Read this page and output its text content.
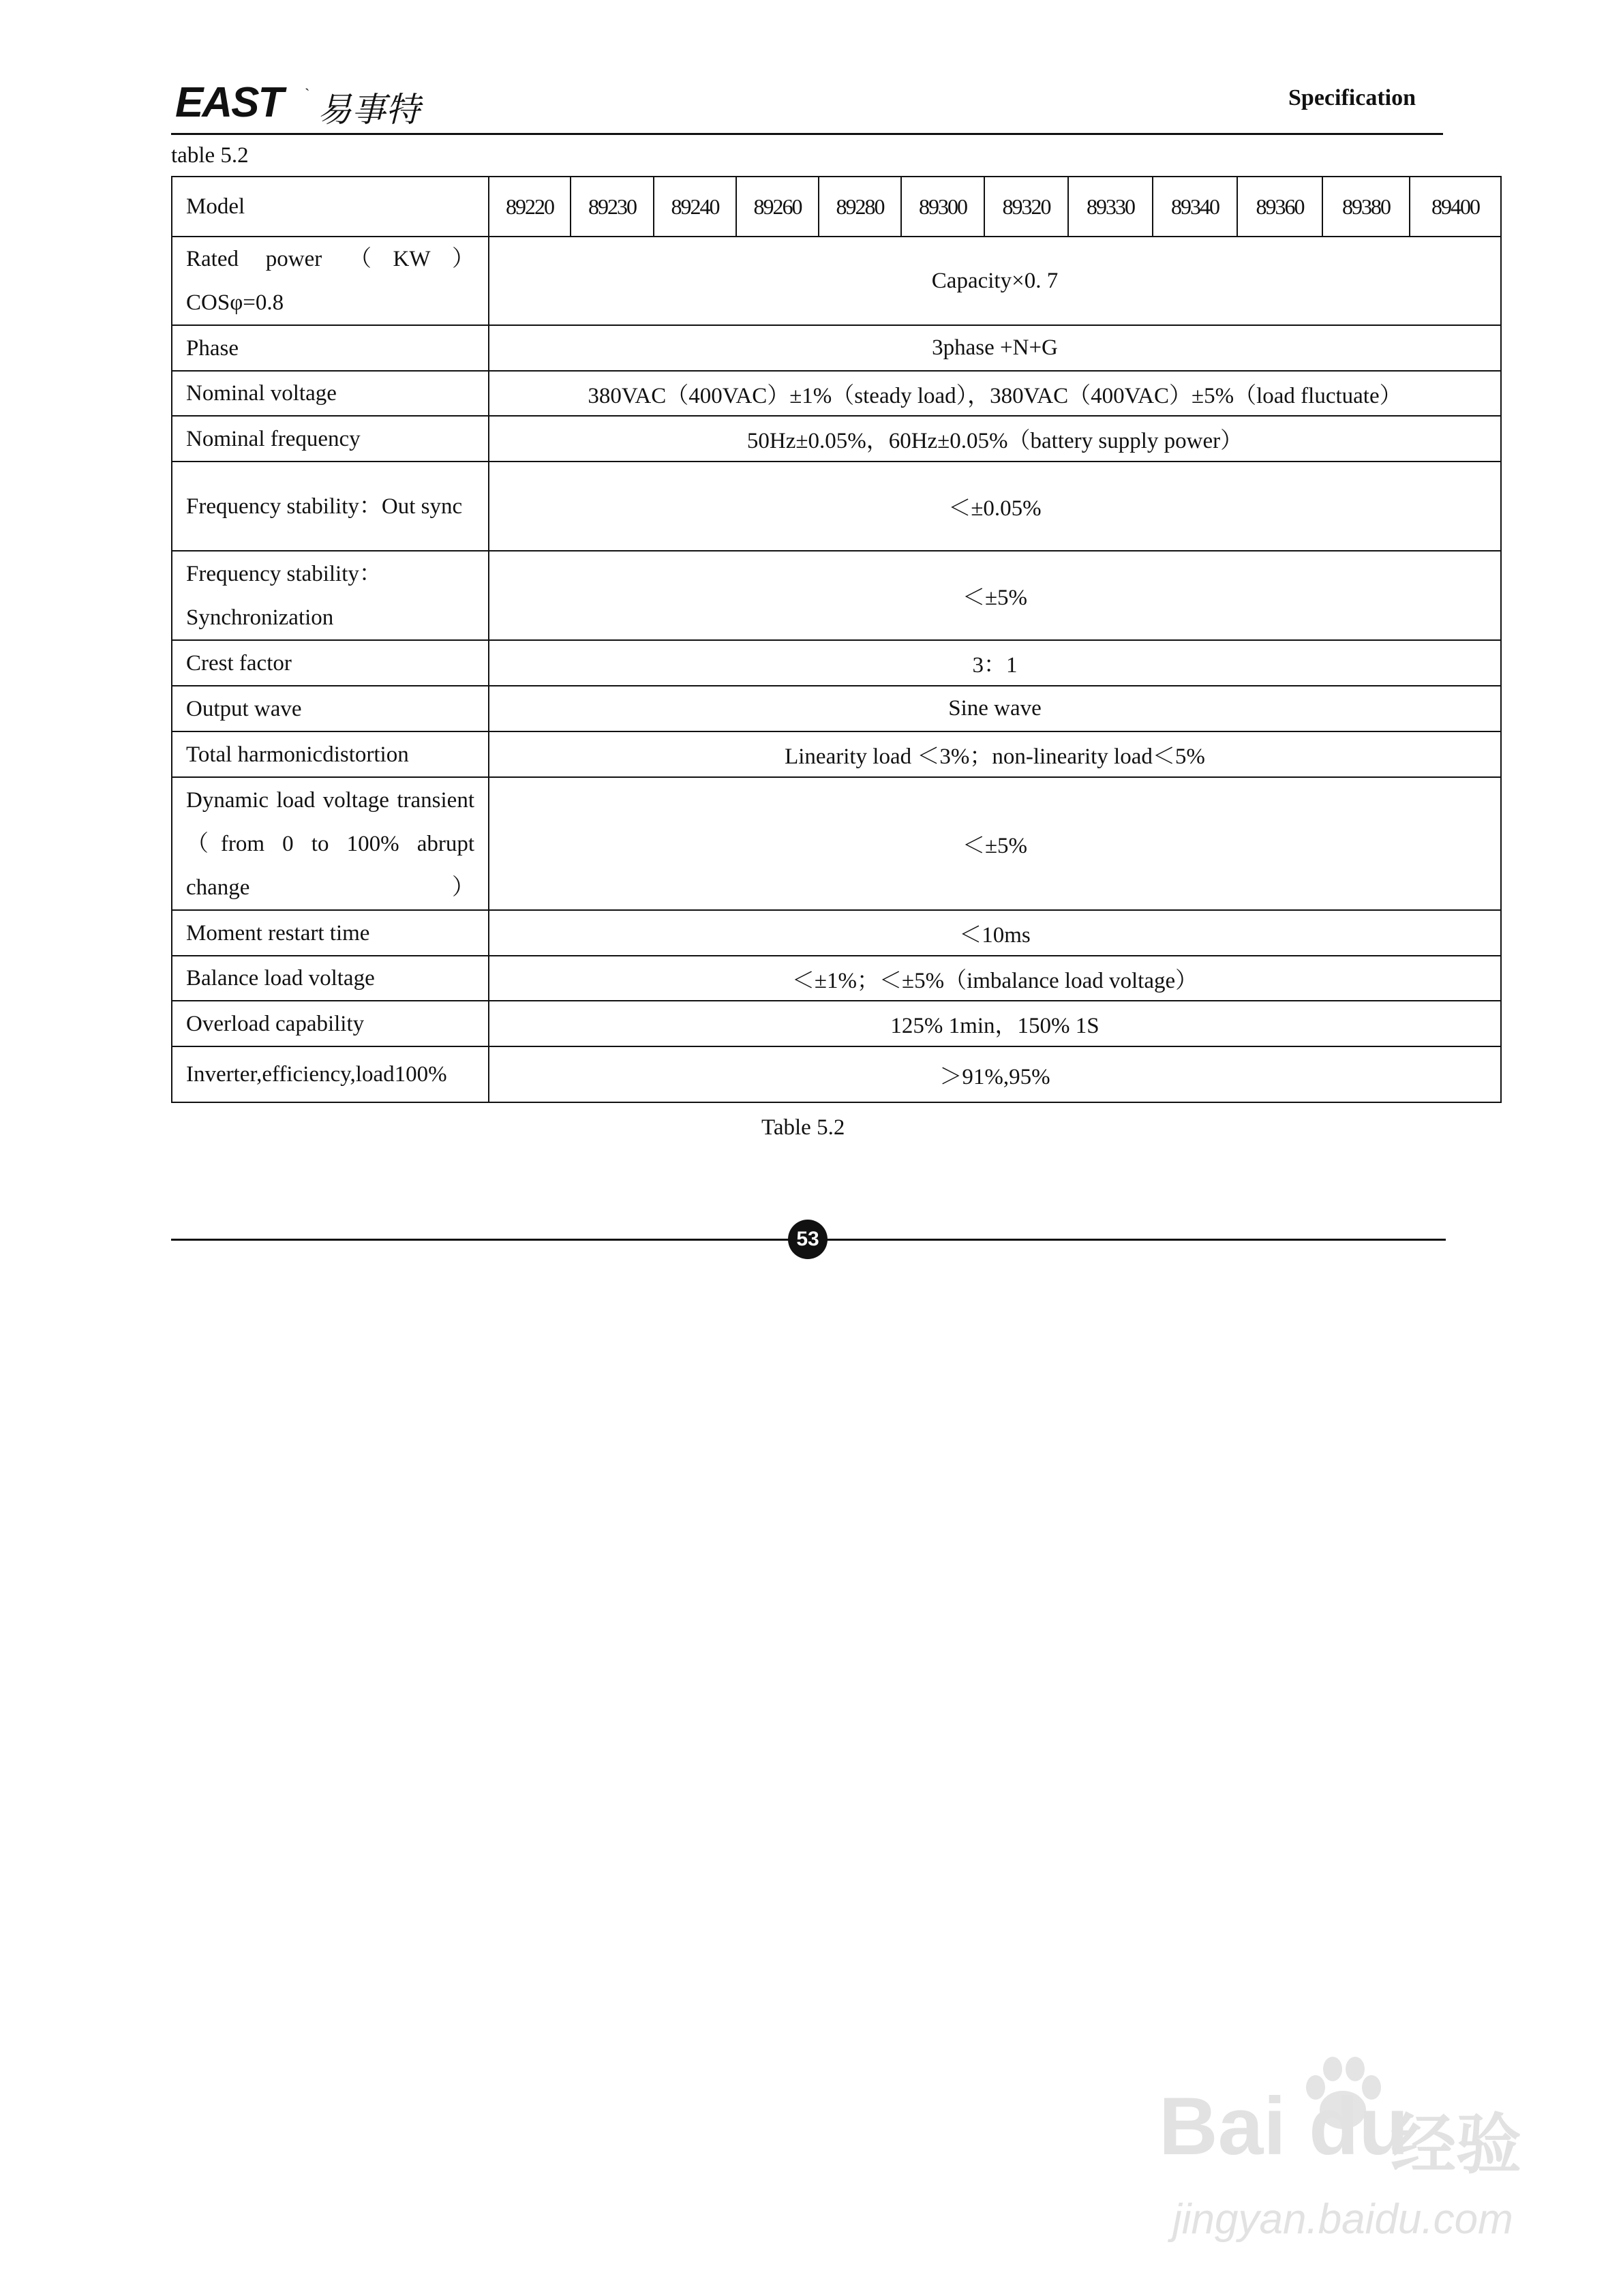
EAST ` 易事特	Specification
table 5.2
Model	89220	89230	89240	89260	89280	89300	89320	89330	89340	89360	89380	89400
Rated power （KW）COSφ=0.8	Capacity×0. 7											
Phase	3phase +N+G											
Nominal voltage	380VAC（400VAC）±1%（steady load），380VAC（400VAC）±5%（load fluctuate）											
Nominal frequency	50Hz±0.05%，60Hz±0.05%（battery supply power）											
Frequency stability：Out sync	＜±0.05%											
Frequency stability：Synchronization	＜±5%											
Crest factor	3：1											
Output wave	Sine wave											
Total harmonicdistortion	Linearity load ＜3%；non-linearity load＜5%											
Dynamic load voltage transient （from 0 to 100% abrupt change）	＜±5%											
Moment restart time	＜10ms											
Balance load voltage	＜±1%；＜±5%（imbalance load voltage）											
Overload capability	125% 1min，150% 1S											
Inverter,efficiency,load100%	＞91%,95%											
Table 5.2
53
Bai du
经验
jingyan.baidu.com
